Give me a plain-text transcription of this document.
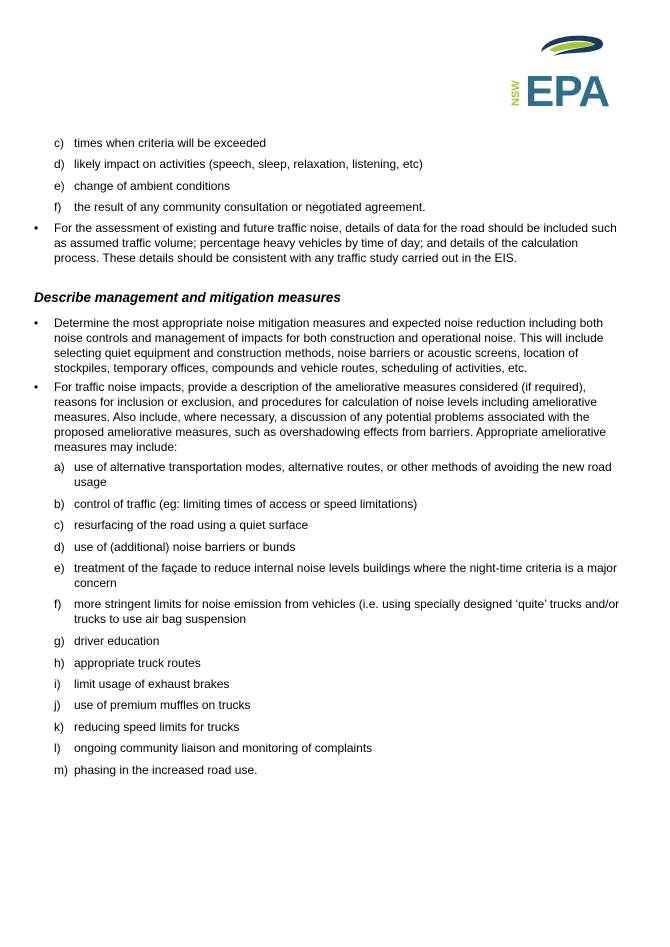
NSW EPA
c) times when criteria will be exceeded
d) likely impact on activities (speech, sleep, relaxation, listening, etc)
e) change of ambient conditions
f)	the result of any community consultation or negotiated agreement.
•	For the assessment of existing and future traffic noise, details of data for the road should be included such as assumed traffic volume; percentage heavy vehicles by time of day; and details of the calculation process. These details should be consistent with any traffic study carried out in the EIS.
Describe management and mitigation measures
•	Determine the most appropriate noise mitigation measures and expected noise reduction including both noise controls and management of impacts for both construction and operational noise. This will include selecting quiet equipment and construction methods, noise barriers or acoustic screens, location of stockpiles, temporary offices, compounds and vehicle routes, scheduling of activities, etc.
•	For traffic noise impacts, provide a description of the ameliorative measures considered (if required), reasons for inclusion or exclusion, and procedures for calculation of noise levels including ameliorative measures. Also include, where necessary, a discussion of any potential problems associated with the proposed ameliorative measures, such as overshadowing effects from barriers. Appropriate ameliorative measures may include:
a) use of alternative transportation modes, alternative routes, or other methods of avoiding the new road usage
b) control of traffic (eg: limiting times of access or speed limitations)
c) resurfacing of the road using a quiet surface
d) use of (additional) noise barriers or bunds
e) treatment of the façade to reduce internal noise levels buildings where the night-time criteria is a major concern
f)	more stringent limits for noise emission from vehicles (i.e. using specially designed ‘quite’ trucks and/or trucks to use air bag suspension
g) driver education
h) appropriate truck routes
i)	limit usage of exhaust brakes
j)	use of premium muffles on trucks
k) reducing speed limits for trucks
l)	ongoing community liaison and monitoring of complaints
m) phasing in the increased road use.
